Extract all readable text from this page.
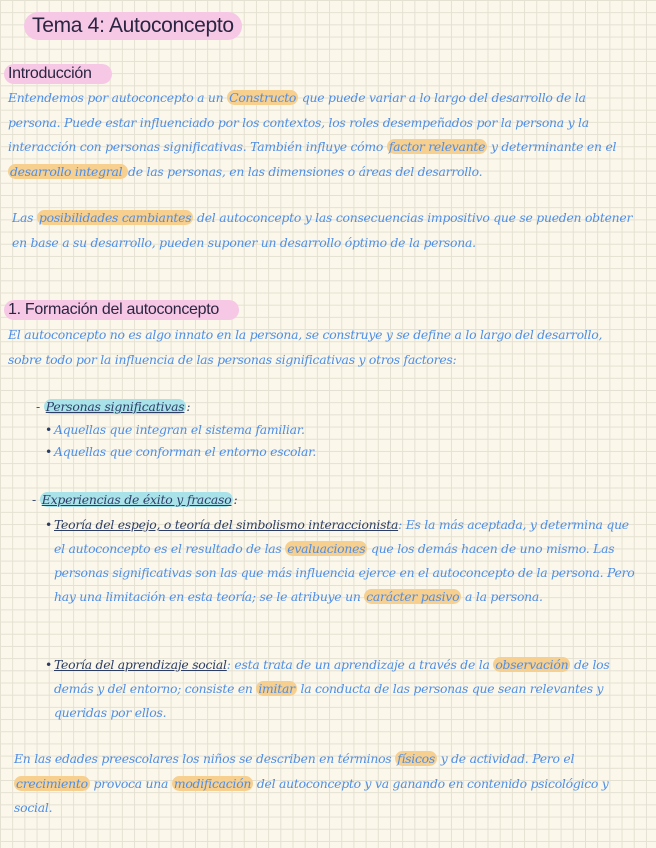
Tema 4: Autoconcepto
Introducción

Entendemos por autoconcepto a un Constructo que puede variar a lo largo del desarrollo de la persona. Puede estar influenciado por los contextos, los roles desempeñados por la persona y la interacción con personas significativas. También influye cómo factor relevante y determinante en el desarrollo integral de las personas, en las dimensiones o áreas del desarrollo.

Las posibilidades cambiantes del autoconcepto y las consecuencias impositivo que se pueden obtener en base a su desarrollo, pueden suponer un desarrollo óptimo de la persona.

1. Formación del autoconcepto

El autoconcepto no es algo innato en la persona, se construye y se define a lo largo del desarrollo, sobre todo por la influencia de las personas significativas y otros factores:

- Personas significativas :

• Aquellas que integran el sistema familiar.

• Aquellas que conforman el entorno escolar.

- Experiencias de éxito y fracaso :

• Teoría del espejo, o teoría del simbolismo interaccionista: Es la más aceptada, y determina que el autoconcepto es el resultado de las evaluaciones que los demás hacen de uno mismo. Las personas significativas son las que más influencia ejerce en el autoconcepto de la persona. Pero hay una limitación en esta teoría; se le atribuye un carácter pasivo a la persona.

• Teoría del aprendizaje social: esta trata de un aprendizaje a través de la observación de los demás y del entorno; consiste en imitar la conducta de las personas que sean relevantes y queridas por ellos.

En las edades preescolares los niños se describen en términos físicos y de actividad. Pero el crecimiento provoca una modificación del autoconcepto y va ganando en contenido psicológico y social.
